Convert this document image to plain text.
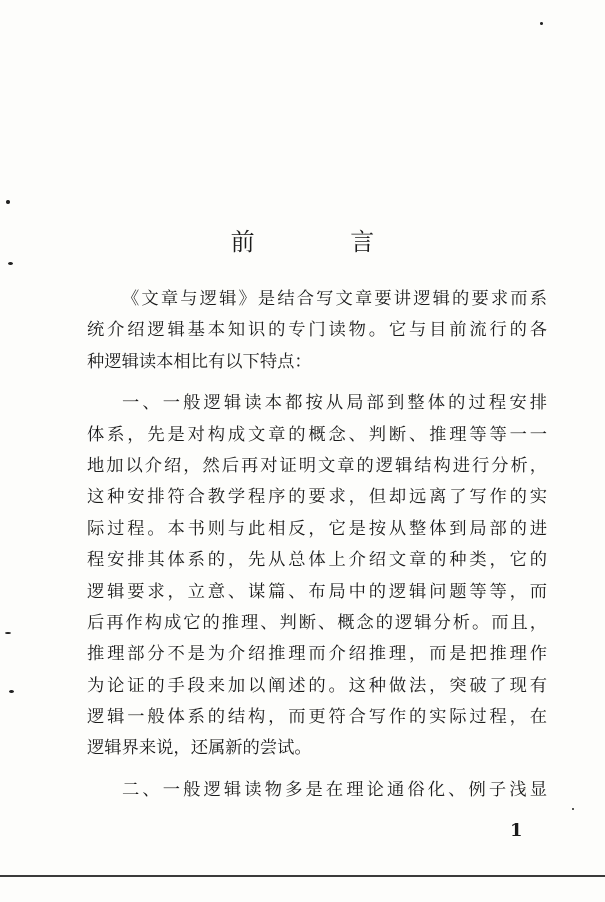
前 言
《文章与逻辑》是结合写文章要讲逻辑的要求而系
统介绍逻辑基本知识的专门读物。它与目前流行的各
种逻辑读本相比有以下特点：
一、一般逻辑读本都按从局部到整体的过程安排
体系，先是对构成文章的概念、判断、推理等等一一
地加以介绍，然后再对证明文章的逻辑结构进行分析，
这种安排符合教学程序的要求，但却远离了写作的实
际过程。本书则与此相反，它是按从整体到局部的进
程安排其体系的，先从总体上介绍文章的种类，它的
逻辑要求，立意、谋篇、布局中的逻辑问题等等，而
后再作构成它的推理、判断、概念的逻辑分析。而且，
推理部分不是为介绍推理而介绍推理，而是把推理作
为论证的手段来加以阐述的。这种做法，突破了现有
逻辑一般体系的结构，而更符合写作的实际过程，在
逻辑界来说，还属新的尝试。
二、一般逻辑读物多是在理论通俗化、例子浅显
1
